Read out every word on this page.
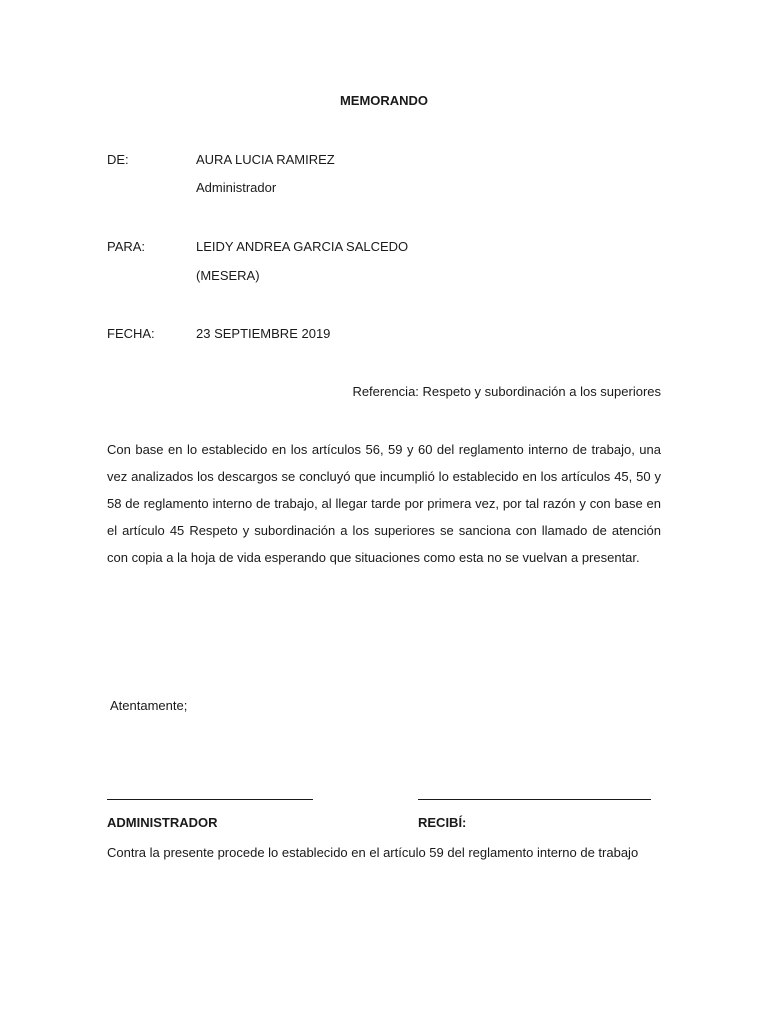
MEMORANDO
DE:	AURA LUCIA RAMIREZ
Administrador
PARA:	LEIDY ANDREA GARCIA SALCEDO
(MESERA)
FECHA:	23 SEPTIEMBRE 2019
Referencia: Respeto y subordinación a los superiores
Con base en lo establecido en los artículos 56, 59 y 60 del reglamento interno de trabajo, una vez analizados los descargos se concluyó que incumplió lo establecido en los artículos 45, 50 y 58 de reglamento interno de trabajo, al llegar tarde por primera vez, por tal razón y con base en el artículo 45 Respeto y subordinación a los superiores se sanciona con llamado de atención con copia a la hoja de vida esperando que situaciones como esta no se vuelvan a presentar.
Atentamente;
ADMINISTRADOR	RECIBÍ:
Contra la presente procede lo establecido en el artículo 59 del reglamento interno de trabajo
